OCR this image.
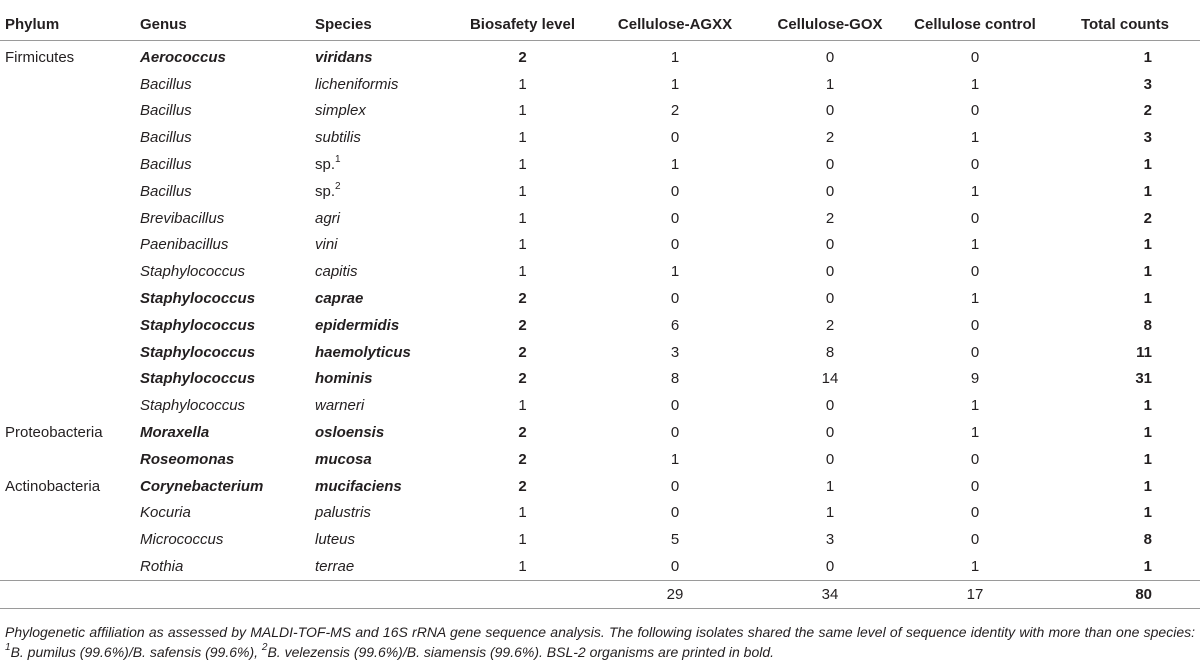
Phylum	Genus	Species	Biosafety level	Cellulose-AGXX	Cellulose-GOX	Cellulose control	Total counts
Firmicutes	Aerococcus	viridans	2	1	0	0	1
	Bacillus	licheniformis	1	1	1	1	3
	Bacillus	simplex	1	2	0	0	2
	Bacillus	subtilis	1	0	2	1	3
	Bacillus	sp.$^1$	1	1	0	0	1
	Bacillus	sp.$^2$	1	0	0	1	1
	Brevibacillus	agri	1	0	2	0	2
	Paenibacillus	vini	1	0	0	1	1
	Staphylococcus	capitis	1	1	0	0	1
	Staphylococcus	caprae	2	0	0	1	1
	Staphylococcus	epidermidis	2	6	2	0	8
	Staphylococcus	haemolyticus	2	3	8	0	11
	Staphylococcus	hominis	2	8	14	9	31
	Staphylococcus	warneri	1	0	0	1	1
Proteobacteria	Moraxella	osloensis	2	0	0	1	1
	Roseomonas	mucosa	2	1	0	0	1
Actinobacteria	Corynebacterium	mucifaciens	2	0	1	0	1
	Kocuria	palustris	1	0	1	0	1
	Micrococcus	luteus	1	5	3	0	8
	Rothia	terrae	1	0	0	1	1
				29	34	17	80
Phylogenetic affiliation as assessed by MALDI-TOF-MS and 16S rRNA gene sequence analysis. The following isolates shared the same level of sequence identity with more than one species: $^1$B. pumilus (99.6%)/B. safensis (99.6%), $^2$B. velezensis (99.6%)/B. siamensis (99.6%). BSL-2 organisms are printed in bold.
